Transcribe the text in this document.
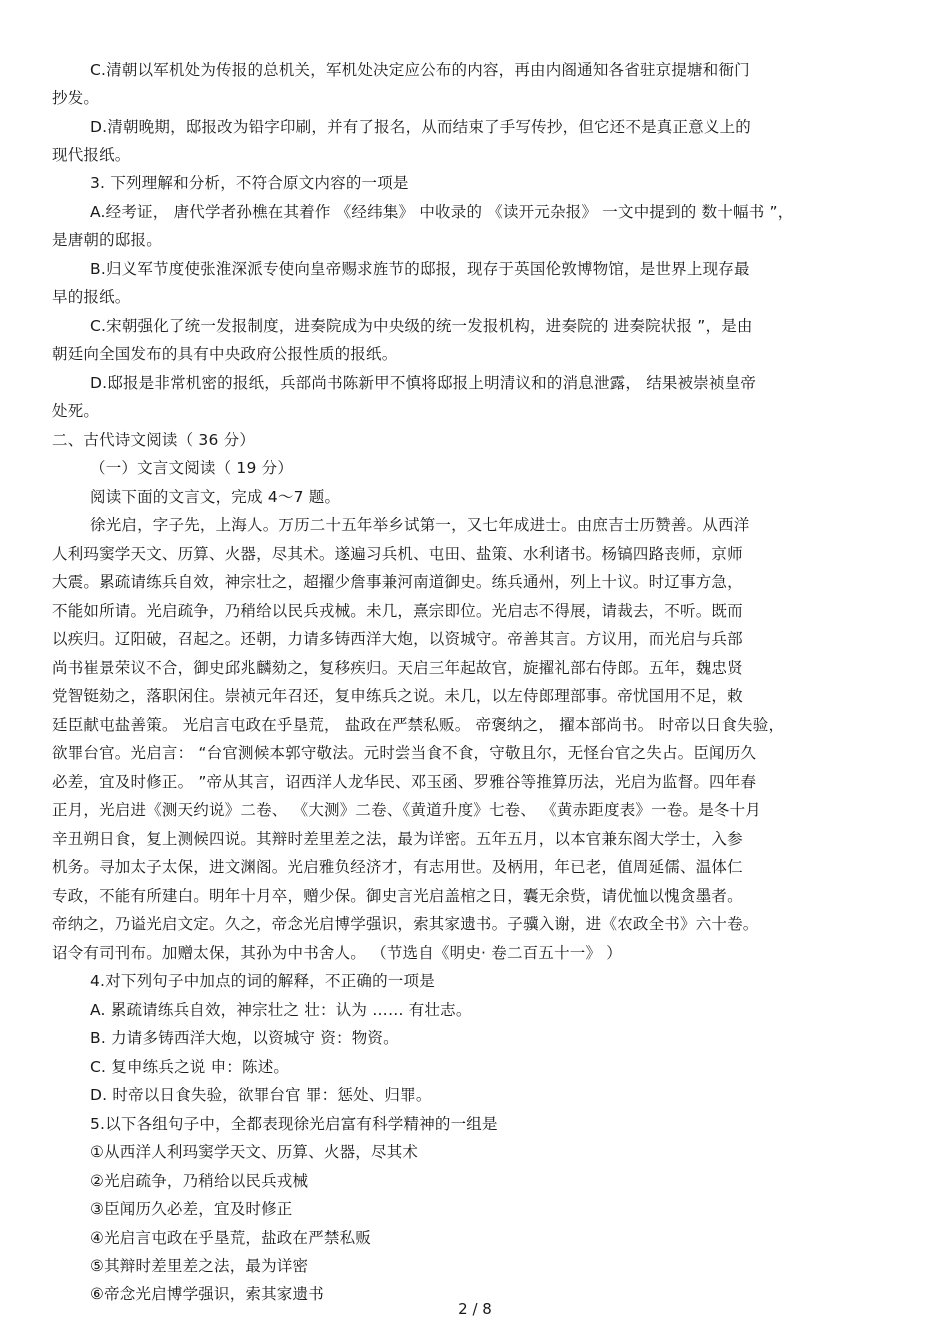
C.清朝以军机处为传报的总机关，军机处决定应公布的内容，再由内阁通知各省驻京提塘和衙门
抄发。
D.清朝晚期，邸报改为铅字印刷，并有了报名，从而结束了手写传抄，但它还不是真正意义上的
现代报纸。
3. 下列理解和分析，不符合原文内容的一项是
A.经考证， 唐代学者孙樵在其着作 《经纬集》 中收录的 《读开元杂报》 一文中提到的 数十幅书 ”，
是唐朝的邸报。
B.归义军节度使张淮深派专使向皇帝赐求旌节的邸报，现存于英国伦敦博物馆，是世界上现存最
早的报纸。
C.宋朝强化了统一发报制度，进奏院成为中央级的统一发报机构，进奏院的 进奏院状报 ”，是由
朝廷向全国发布的具有中央政府公报性质的报纸。
D.邸报是非常机密的报纸，兵部尚书陈新甲不慎将邸报上明清议和的消息泄露， 结果被崇祯皇帝
处死。
二、古代诗文阅读（ 36 分）
（一）文言文阅读（ 19 分）
阅读下面的文言文，完成 4～7 题。
徐光启，字子先，上海人。万历二十五年举乡试第一，又七年成进士。由庶吉士历赞善。从西洋
人利玛窦学天文、历算、火器，尽其术。遂遍习兵机、屯田、盐策、水利诸书。杨镐四路丧师，京师
大震。累疏请练兵自效，神宗壮之，超擢少詹事兼河南道御史。练兵通州，列上十议。时辽事方急，
不能如所请。光启疏争，乃稍给以民兵戎械。未几，熹宗即位。光启志不得展，请裁去，不听。既而
以疾归。辽阳破，召起之。还朝，力请多铸西洋大炮，以资城守。帝善其言。方议用，而光启与兵部
尚书崔景荣议不合，御史邱兆麟劾之，复移疾归。天启三年起故官，旋擢礼部右侍郎。五年，魏忠贤
党智铤劾之，落职闲住。崇祯元年召还，复申练兵之说。未几，以左侍郎理部事。帝忧国用不足，敕
廷臣献屯盐善策。 光启言屯政在乎垦荒， 盐政在严禁私贩。 帝褒纳之， 擢本部尚书。 时帝以日食失验，
欲罪台官。光启言： “台官测候本郭守敬法。元时尝当食不食，守敬且尔，无怪台官之失占。臣闻历久
必差，宜及时修正。 ”帝从其言，诏西洋人龙华民、邓玉函、罗雅谷等推算历法，光启为监督。四年春
正月，光启进《测天约说》二卷、 《大测》二卷、《黄道升度》七卷、 《黄赤距度表》一卷。是冬十月
辛丑朔日食，复上测候四说。其辩时差里差之法，最为详密。五年五月，以本官兼东阁大学士，入参
机务。寻加太子太保，进文渊阁。光启雅负经济才，有志用世。及柄用，年已老，值周延儒、温体仁
专政，不能有所建白。明年十月卒，赠少保。御史言光启盖棺之日，囊无余赀，请优恤以愧贪墨者。
帝纳之，乃谥光启文定。久之，帝念光启博学强识，索其家遗书。子骥入谢，进《农政全书》六十卷。
诏令有司刊布。加赠太保，其孙为中书舍人。 （节选自《明史· 卷二百五十一》 ）
4.对下列句子中加点的词的解释，不正确的一项是
A. 累疏请练兵自效，神宗壮之 壮：认为 …… 有壮志。
B. 力请多铸西洋大炮，以资城守 资：物资。
C. 复申练兵之说 申：陈述。
D. 时帝以日食失验，欲罪台官 罪：惩处、归罪。
5.以下各组句子中，全都表现徐光启富有科学精神的一组是
①从西洋人利玛窦学天文、历算、火器，尽其术
②光启疏争，乃稍给以民兵戎械
③臣闻历久必差，宜及时修正
④光启言屯政在乎垦荒，盐政在严禁私贩
⑤其辩时差里差之法，最为详密
⑥帝念光启博学强识，索其家遗书
2 / 8
